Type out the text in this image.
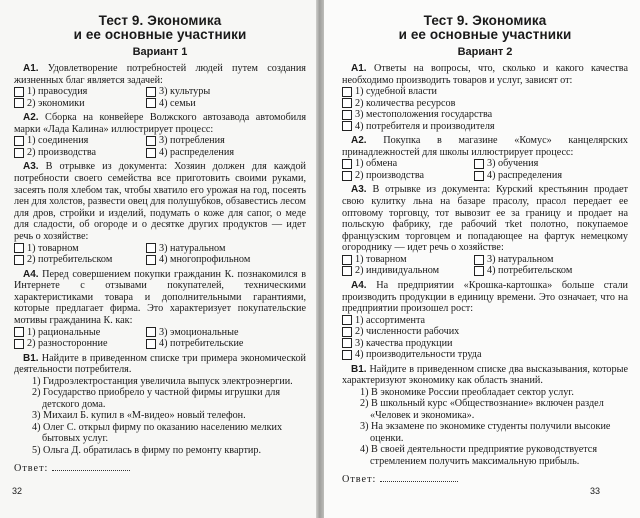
Тест 9. Экономика
и ее основные участники
Вариант 1

А1. Удовлетворение потребностей людей путем создания жизненных благ является задачей:

1) правосудия	3) культуры
2) экономики	4) семьи

А2. Сборка на конвейере Волжского автозавода автомобиля марки «Лада Калина» иллюстрирует процесс:

1) соединения	3) потребления
2) производства	4) распределения

А3. В отрывке из документа: Хозяин должен для каждой потребности своего семейства все приготовить своими руками, засеять поля хлебом так, чтобы хватило его урожая на год, посеять лен для холстов, развести овец для полушубков, обзавестись лесом для дров, стройки и изделий, подумать о коже для сапог, о меде для сладости, об огороде и о десятке других продуктов — идет речь о хозяйстве:

1) товарном	3) натуральном
2) потребительском	4) многопрофильном

А4. Перед совершением покупки гражданин К. познакомился в Интернете с отзывами покупателей, техническими характеристиками товара и дополнительными гарантиями, которые предлагает фирма. Это характеризует покупательские мотивы гражданина К. как:

1) рациональные	3) эмоциональные
2) разносторонние	4) потребительские

В1. Найдите в приведенном списке три примера экономической деятельности потребителя.

1) Гидроэлектростанция увеличила выпуск электроэнергии.
2) Государство приобрело у частной фирмы игрушки для детского дома.
3) Михаил Б. купил в «М-видео» новый телефон.
4) Олег С. открыл фирму по оказанию населению мелких бытовых услуг.
5) Ольга Д. обратилась в фирму по ремонту квартир.
Ответ:
32
Тест 9. Экономика
и ее основные участники
Вариант 2

А1. Ответы на вопросы, что, сколько и какого качества необходимо производить товаров и услуг, зависят от:

1) судебной власти
2) количества ресурсов
3) местоположения государства
4) потребителя и производителя

А2. Покупка в магазине «Комус» канцелярских принадлежностей для школы иллюстрирует процесс:

1) обмена	3) обучения
2) производства	4) распределения

А3. В отрывке из документа: Курский крестьянин продает свою кулитку льна на базаре прасолу, прасол передает ее оптовому торговцу, тот вывозит ее за границу и продает на польскую фабрику, где рабочий тket полотно, покупаемое французским торговцем и попадающее на фартук немецкому огороднику — идет речь о хозяйстве:

1) товарном	3) натуральном
2) индивидуальном	4) потребительском

А4. На предприятии «Крошка-картошка» больше стали производить продукции в единицу времени. Это означает, что на предприятии произошел рост:

1) ассортимента
2) численности рабочих
3) качества продукции
4) производительности труда

В1. Найдите в приведенном списке два высказывания, которые характеризуют экономику как область знаний.

1) В экономике России преобладает сектор услуг.
2) В школьный курс «Обществознание» включен раздел «Человек и экономика».
3) На экзамене по экономике студенты получили высокие оценки.
4) В своей деятельности предприятие руководствуется стремлением получить максимальную прибыль.
Ответ:
33
